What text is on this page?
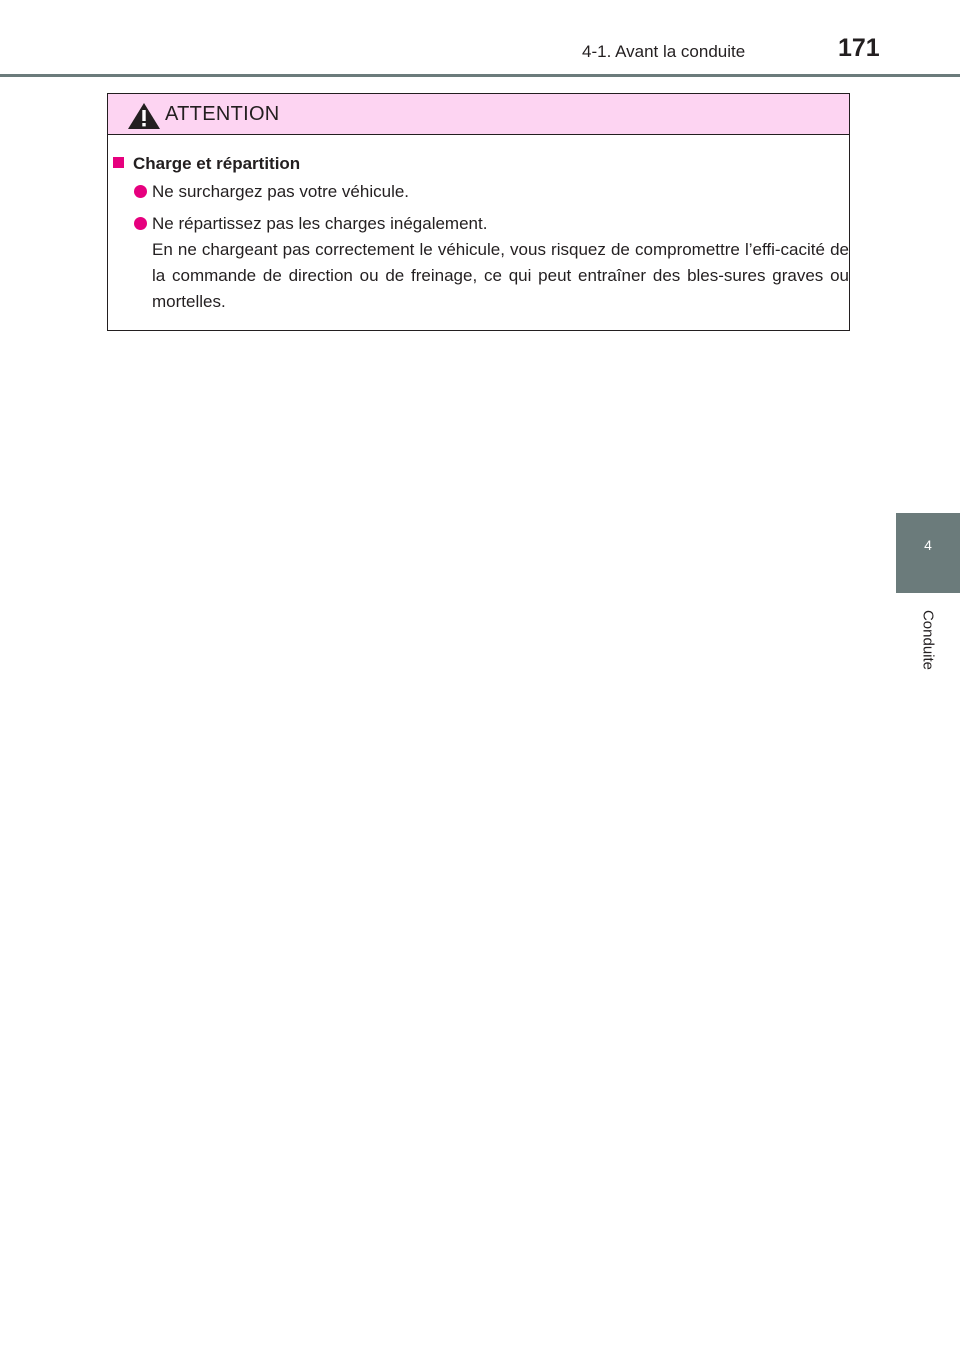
4-1. Avant la conduite	171
4
Conduite
ATTENTION
Charge et répartition
Ne surchargez pas votre véhicule.
Ne répartissez pas les charges inégalement.
En ne chargeant pas correctement le véhicule, vous risquez de compromettre l’effi-cacité de la commande de direction ou de freinage, ce qui peut entraîner des bles-sures graves ou mortelles.
